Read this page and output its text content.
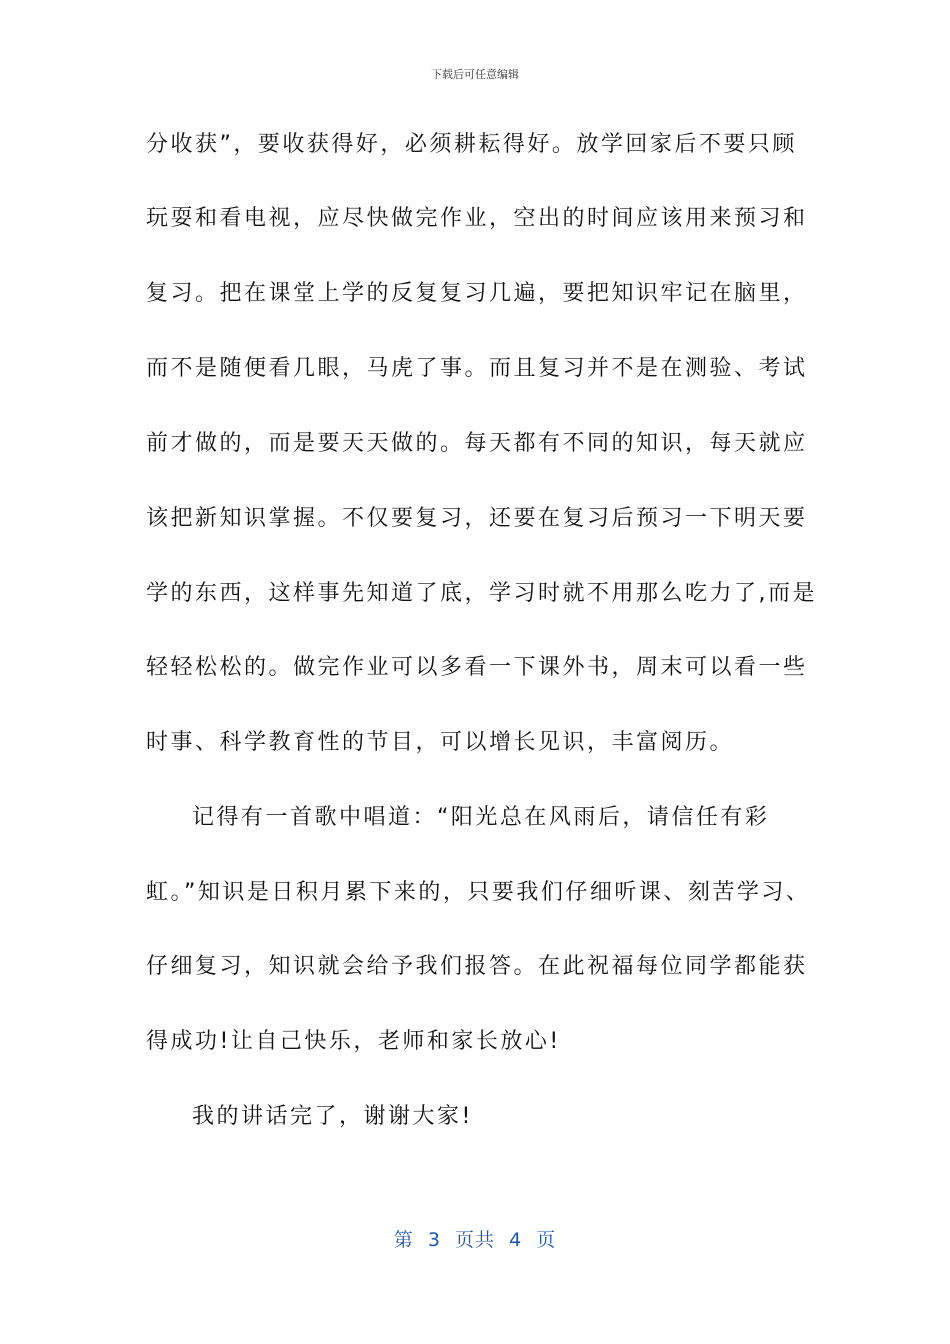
下载后可任意编辑
分收获”，要收获得好，必须耕耘得好。放学回家后不要只顾
玩耍和看电视，应尽快做完作业，空出的时间应该用来预习和
复习。把在课堂上学的反复复习几遍，要把知识牢记在脑里，
而不是随便看几眼，马虎了事。而且复习并不是在测验、考试
前才做的，而是要天天做的。每天都有不同的知识，每天就应
该把新知识掌握。不仅要复习，还要在复习后预习一下明天要
学的东西，这样事先知道了底，学习时就不用那么吃力了,而是
轻轻松松的。做完作业可以多看一下课外书，周末可以看一些
时事、科学教育性的节目，可以增长见识，丰富阅历。
记得有一首歌中唱道：“阳光总在风雨后，请信任有彩
虹。”知识是日积月累下来的，只要我们仔细听课、刻苦学习、
仔细复习，知识就会给予我们报答。在此祝福每位同学都能获
得成功!让自己快乐，老师和家长放心!
我的讲话完了，谢谢大家!
第  3  页共  4  页
